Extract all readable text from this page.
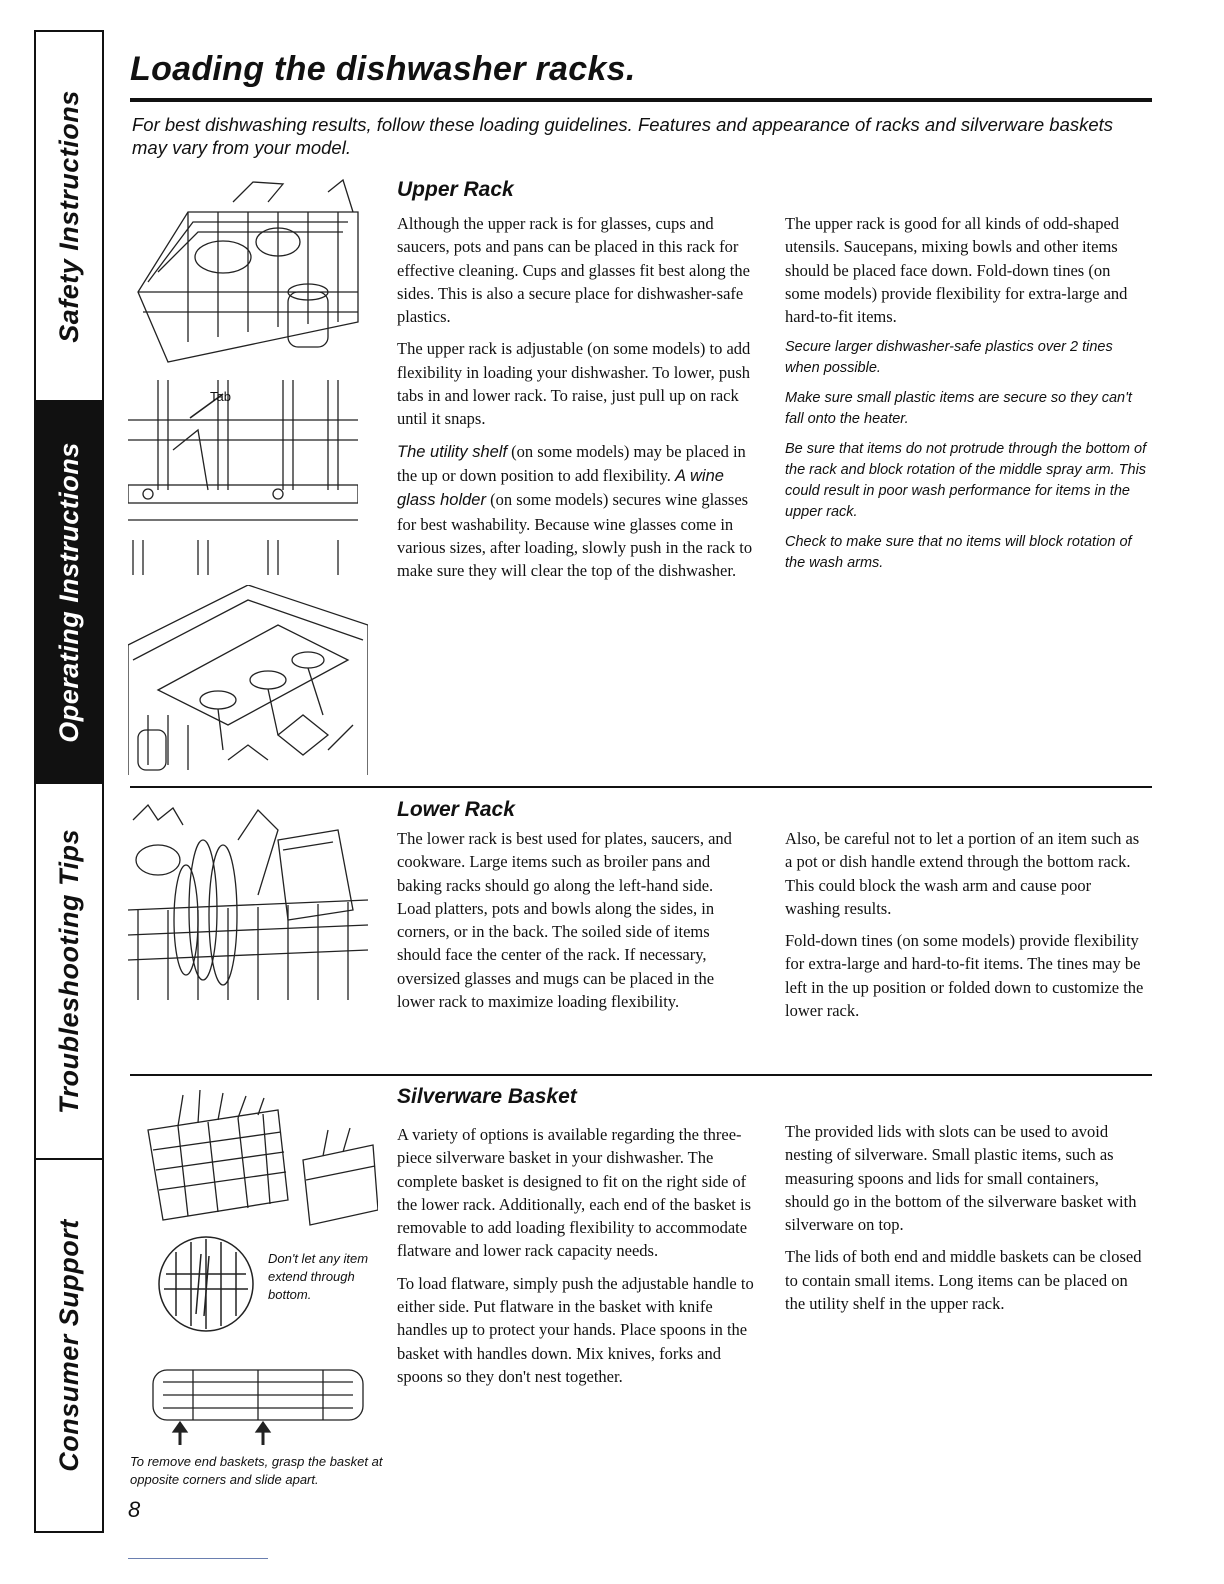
Safety Instructions
Operating Instructions
Troubleshooting Tips
Consumer Support
Loading the dishwasher racks.

For best dishwashing results, follow these loading guidelines. Features and appearance of racks and silverware baskets may vary from your model.

Upper Rack
Tab

Although the upper rack is for glasses, cups and saucers, pots and pans can be placed in this rack for effective cleaning. Cups and glasses fit best along the sides. This is also a secure place for dishwasher-safe plastics.

The upper rack is adjustable (on some models) to add flexibility in loading your dishwasher. To lower, push tabs in and lower rack. To raise, just pull up on rack until it snaps.

The utility shelf (on some models) may be placed in the up or down position to add flexibility. A wine glass holder (on some models) secures wine glasses for best washability. Because wine glasses come in various sizes, after loading, slowly push in the rack to make sure they will clear the top of the dishwasher.

The upper rack is good for all kinds of odd-shaped utensils. Saucepans, mixing bowls and other items should be placed face down. Fold-down tines (on some models) provide flexibility for extra-large and hard-to-fit items.

Secure larger dishwasher-safe plastics over 2 tines when possible.

Make sure small plastic items are secure so they can't fall onto the heater.

Be sure that items do not protrude through the bottom of the rack and block rotation of the middle spray arm. This could result in poor wash performance for items in the upper rack.

Check to make sure that no items will block rotation of the wash arms.

Lower Rack

The lower rack is best used for plates, saucers, and cookware. Large items such as broiler pans and baking racks should go along the left-hand side. Load platters, pots and bowls along the sides, in corners, or in the back. The soiled side of items should face the center of the rack. If necessary, oversized glasses and mugs can be placed in the lower rack to maximize loading flexibility.

Also, be careful not to let a portion of an item such as a pot or dish handle extend through the bottom rack. This could block the wash arm and cause poor washing results.

Fold-down tines (on some models) provide flexibility for extra-large and hard-to-fit items. The tines may be left in the up position or folded down to customize the lower rack.

Silverware Basket
Don't let any item extend through bottom.
To remove end baskets, grasp the basket at opposite corners and slide apart.

A variety of options is available regarding the three-piece silverware basket in your dishwasher. The complete basket is designed to fit on the right side of the lower rack. Additionally, each end of the basket is removable to add loading flexibility to accommodate flatware and lower rack capacity needs.

To load flatware, simply push the adjustable handle to either side. Put flatware in the basket with knife handles up to protect your hands. Place spoons in the basket with handles down. Mix knives, forks and spoons so they don't nest together.

The provided lids with slots can be used to avoid nesting of silverware. Small plastic items, such as measuring spoons and lids for small containers, should go in the bottom of the silverware basket with silverware on top.

The lids of both end and middle baskets can be closed to contain small items. Long items can be placed on the utility shelf in the upper rack.

8
